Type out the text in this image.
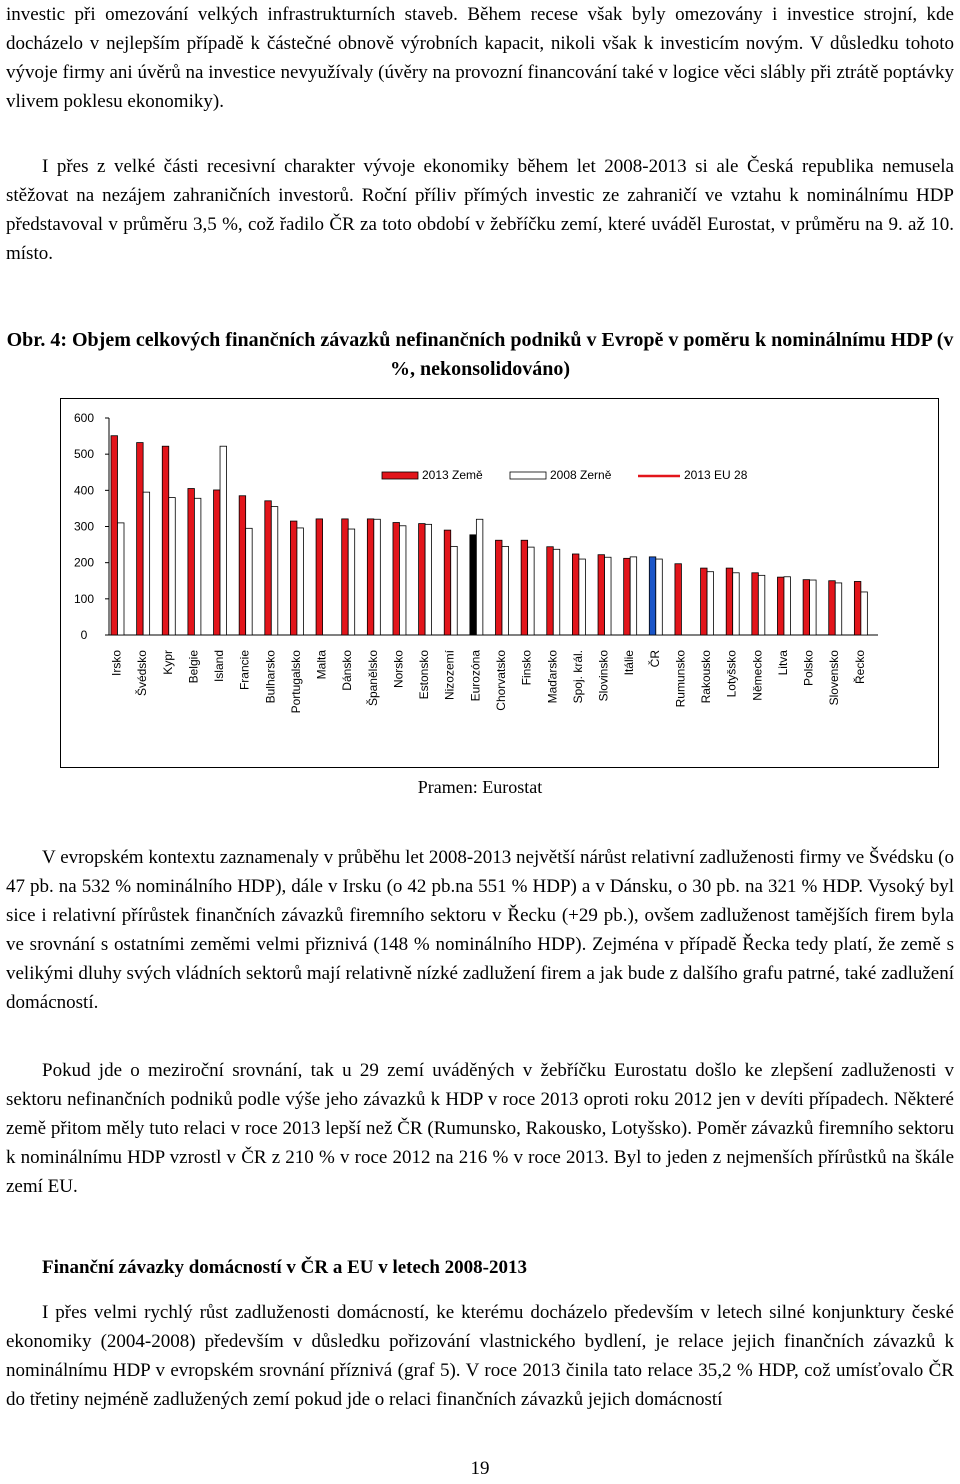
investic při omezování velkých infrastrukturních staveb. Během recese však byly omezovány i investice strojní, kde docházelo v nejlepším případě k částečné obnově výrobních kapacit, nikoli však k investicím novým. V důsledku tohoto vývoje firmy ani úvěrů na investice nevyužívaly (úvěry na provozní financování také v logice věci slábly při ztrátě poptávky vlivem poklesu ekonomiky).

I přes z velké části recesivní charakter vývoje ekonomiky během let 2008-2013 si ale Česká republika nemusela stěžovat na nezájem zahraničních investorů. Roční příliv přímých investic ze zahraničí ve vztahu k nominálnímu HDP představoval v průměru 3,5 %, což řadilo ČR za toto období v žebříčku zemí, které uváděl Eurostat, v průměru na 9. až 10. místo.

Obr. 4: Objem celkových finančních závazků nefinančních podniků v Evropě v poměru k nominálnímu HDP (v %, nekonsolidováno)

600
500
400
300
200
100
0
Irsko Švédsko Kypr Belgie Island Francie Bulharsko Portugalsko Malta Dánsko Španělsko Norsko Estonsko Nizozemí Eurozóna Chorvatsko Finsko Maďarsko Spoj. král. Slovinsko Itálie ČR Rumunsko Rakousko Lotyšsko Německo Litva Polsko Slovensko Řecko
2013 Země	2008 Zerně	2013 EU 28
Pramen: Eurostat

V evropském kontextu zaznamenaly v průběhu let 2008-2013 největší nárůst relativní zadluženosti firmy ve Švédsku (o 47 pb. na 532 % nominálního HDP), dále v Irsku (o 42 pb.na 551 % HDP) a v Dánsku, o 30 pb. na 321 % HDP. Vysoký byl sice i relativní přírůstek finančních závazků firemního sektoru v Řecku (+29 pb.), ovšem zadluženost tamějších firem byla ve srovnání s ostatními zeměmi velmi přiznivá (148 % nominálního HDP). Zejména v případě Řecka tedy platí, že země s velikými dluhy svých vládních sektorů mají relativně nízké zadlužení firem a jak bude z dalšího grafu patrné, také zadlužení domácností.

Pokud jde o meziroční srovnání, tak u 29 zemí uváděných v žebříčku Eurostatu došlo ke zlepšení zadluženosti v sektoru nefinančních podniků podle výše jeho závazků k HDP v roce 2013 oproti roku 2012 jen v devíti případech. Některé země přitom měly tuto relaci v roce 2013 lepší než ČR (Rumunsko, Rakousko, Lotyšsko). Poměr závazků firemního sektoru k nominálnímu HDP vzrostl v ČR z 210 % v roce 2012 na 216 % v roce 2013. Byl to jeden z nejmenších přírůstků na škále zemí EU.

Finanční závazky domácností v ČR a EU v letech 2008-2013

I přes velmi rychlý růst zadluženosti domácností, ke kterému docházelo především v letech silné konjunktury české ekonomiky (2004-2008) především v důsledku pořizování vlastnického bydlení, je relace jejich finančních závazků k nominálnímu HDP v evropském srovnání příznivá (graf 5). V roce 2013 činila tato relace 35,2 % HDP, což umísťovalo ČR do třetiny nejméně zadlužených zemí pokud jde o relaci finančních závazků jejich domácností

19
